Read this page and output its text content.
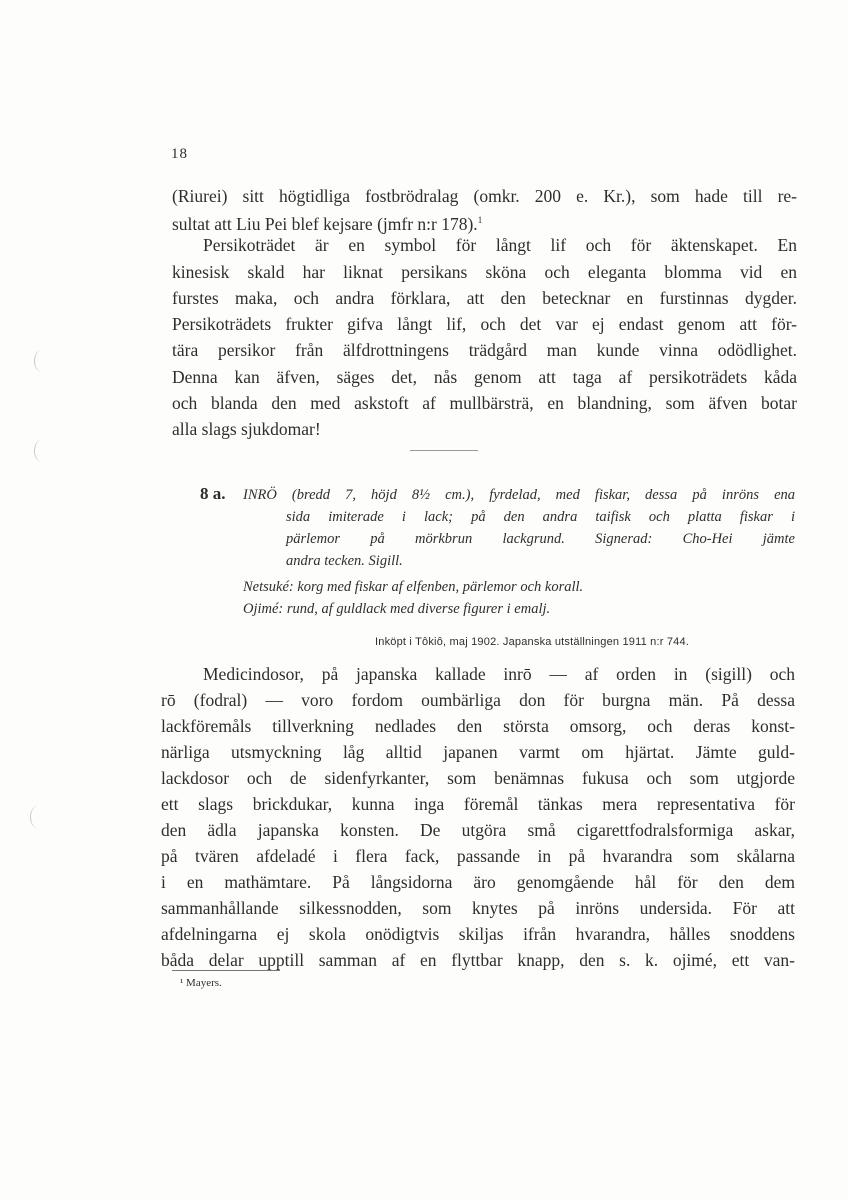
18
(Riurei) sitt högtidliga fostbrödralag (omkr. 200 e. Kr.), som hade till re-
sultat att Liu Pei blef kejsare (jmfr n:r 178).$^1$
Persikoträdet är en symbol för långt lif och för äktenskapet. En
kinesisk skald har liknat persikans sköna och eleganta blomma vid en
furstes maka, och andra förklara, att den betecknar en furstinnas dygder.
Persikoträdets frukter gifva långt lif, och det var ej endast genom att för-
tära persikor från älfdrottningens trädgård man kunde vinna odödlighet.
Denna kan äfven, säges det, nås genom att taga af persikoträdets kåda
och blanda den med askstoft af mullbärsträ, en blandning, som äfven botar
alla slags sjukdomar!
8 a. INRÖ (bredd 7, höjd 8½ cm.), fyrdelad, med fiskar, dessa på inröns ena
sida imiterade i lack; på den andra taifisk och platta fiskar i
pärlemor på mörkbrun lackgrund. Signerad: Cho-Hei jämte
andra tecken. Sigill.
Netsuké: korg med fiskar af elfenben, pärlemor och korall.
Ojimé: rund, af guldlack med diverse figurer i emalj.
Inköpt i Tôkiô, maj 1902. Japanska utställningen 1911 n:r 744.
Medicindosor, på japanska kallade inrō — af orden in (sigill) och
rō (fodral) — voro fordom oumbärliga don för burgna män. På dessa
lackföremåls tillverkning nedlades den största omsorg, och deras konst-
närliga utsmyckning låg alltid japanen varmt om hjärtat. Jämte guld-
lackdosor och de sidenfyrkanter, som benämnas fukusa och som utgjorde
ett slags brickdukar, kunna inga föremål tänkas mera representativa för
den ädla japanska konsten. De utgöra små cigarettfodralsformiga askar,
på tvären afdeladé i flera fack, passande in på hvarandra som skålarna
i en mathämtare. På långsidorna äro genomgående hål för den dem
sammanhållande silkessnodden, som knytes på inröns undersida. För att
afdelningarna ej skola onödigtvis skiljas ifrån hvarandra, hålles snoddens
båda delar upptill samman af en flyttbar knapp, den s. k. ojimé, ett van-
¹ Mayers.
